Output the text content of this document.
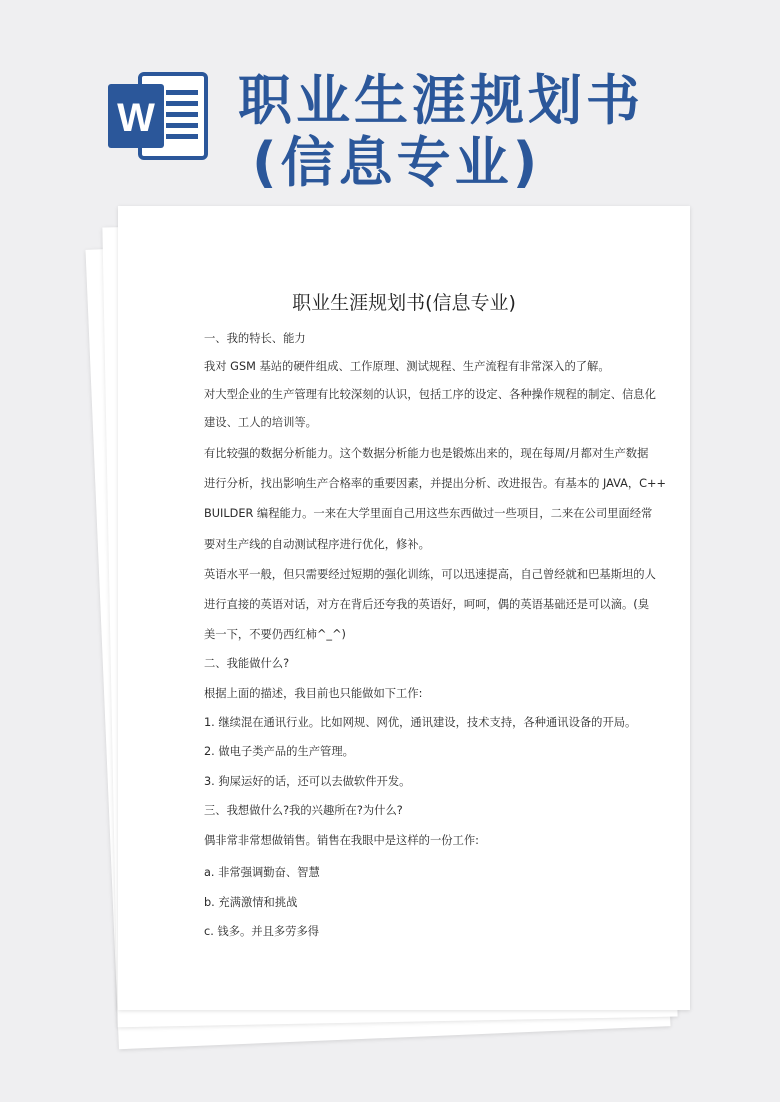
W 职业生涯规划书
(信息专业)
职业生涯规划书(信息专业)
一、我的特长、能力
我对 GSM 基站的硬件组成、工作原理、测试规程、生产流程有非常深入的了解。
对大型企业的生产管理有比较深刻的认识，包括工序的设定、各种操作规程的制定、信息化
建设、工人的培训等。
有比较强的数据分析能力。这个数据分析能力也是锻炼出来的，现在每周/月都对生产数据
进行分析，找出影响生产合格率的重要因素，并提出分析、改进报告。有基本的 JAVA，C++
BUILDER 编程能力。一来在大学里面自己用这些东西做过一些项目，二来在公司里面经常
要对生产线的自动测试程序进行优化，修补。
英语水平一般，但只需要经过短期的强化训练，可以迅速提高，自己曾经就和巴基斯坦的人
进行直接的英语对话，对方在背后还夸我的英语好，呵呵，偶的英语基础还是可以滴。(臭
美一下，不要仍西红柿^_^)
二、我能做什么?
根据上面的描述，我目前也只能做如下工作:
1. 继续混在通讯行业。比如网规、网优，通讯建设，技术支持，各种通讯设备的开局。
2. 做电子类产品的生产管理。
3. 狗屎运好的话，还可以去做软件开发。
三、我想做什么?我的兴趣所在?为什么?
偶非常非常想做销售。销售在我眼中是这样的一份工作:
a. 非常强调勤奋、智慧
b. 充满激情和挑战
c. 钱多。并且多劳多得
